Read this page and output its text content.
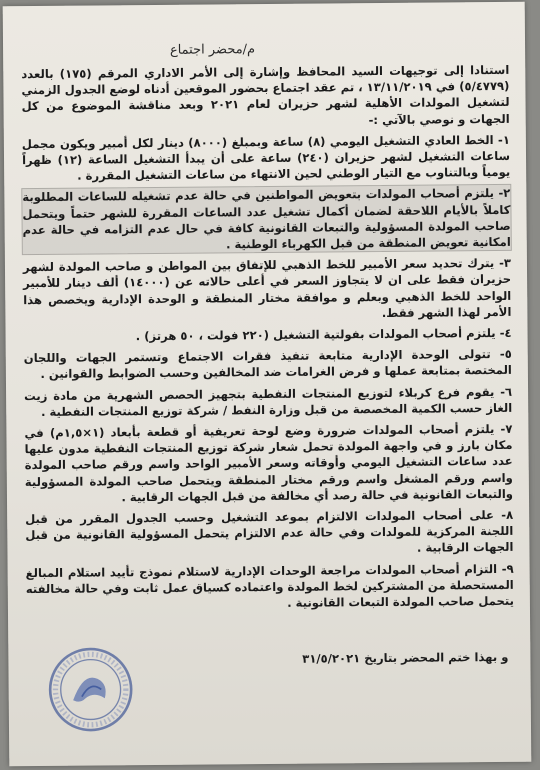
م/محضر اجتماع

استنادا إلى توجيهات السيد المحافظ وإشارة إلى الأمر الاداري المرقم (١٧٥) بالعدد (٥/٤٧٧٩) في ١٣/١١/٢٠١٩ ، تم عقد اجتماع بحضور الموقعين أدناه لوضع الجدول الزمني لتشغيل المولدات الأهلية لشهر حزيران لعام ٢٠٢١ وبعد مناقشة الموضوع من كل الجهات و نوصي بالآتي :-

١- الخط العادي التشغيل اليومي (٨) ساعة وبمبلغ (٨٠٠٠) دينار لكل أمبير ويكون مجمل ساعات التشغيل لشهر حزيران (٢٤٠) ساعة على أن يبدأ التشغيل الساعة (١٢) ظهراً يومياً وبالتناوب مع التيار الوطني لحين الانتهاء من ساعات التشغيل المقررة .

٢- يلتزم أصحاب المولدات بتعويض المواطنين في حالة عدم تشغيله للساعات المطلوبة كاملاً بالأيام اللاحقة لضمان أكمال تشغيل عدد الساعات المقررة للشهر حتماً ويتحمل صاحب المولدة المسؤولية والتبعات القانونية كافة في حال عدم التزامه في حالة عدم امكانية تعويض المنطقة من قبل الكهرباء الوطنية .

٣- يترك تحديد سعر الأمبير للخط الذهبي للإتفاق بين المواطن و صاحب المولدة لشهر حزيران فقط على ان لا يتجاوز السعر في أعلى حالاته عن (١٤٠٠٠) ألف دينار للأمبير الواحد للخط الذهبي وبعلم و موافقة مختار المنطقة و الوحدة الإدارية ويخصص هذا الأمر لهذا الشهر فقط.

٤- يلتزم أصحاب المولدات بفولتية التشغيل (٢٢٠ فولت ، ٥٠ هرتز) .

٥- تتولى الوحدة الإدارية متابعة تنفيذ فقرات الاجتماع وتستمر الجهات واللجان المختصة بمتابعة عملها و فرض الغرامات ضد المخالفين وحسب الضوابط والقوانين .

٦- يقوم فرع كربلاء لتوزيع المنتجات النفطية بتجهيز الحصص الشهرية من مادة زيت الغاز حسب الكمية المخصصة من قبل وزارة النفط / شركة توزيع المنتجات النفطية .

٧- يلتزم أصحاب المولدات ضرورة وضع لوحة تعريفية أو قطعة بأبعاد (١×١,٥م) في مكان بارز و في واجهة المولدة تحمل شعار شركة توزيع المنتجات النفطية مدون عليها عدد ساعات التشغيل اليومي وأوقاته وسعر الأمبير الواحد واسم ورقم صاحب المولدة واسم ورقم المشغل واسم ورقم مختار المنطقة ويتحمل صاحب المولدة المسؤولية والتبعات القانونية في حالة رصد أي مخالفة من قبل الجهات الرقابية .

٨- على أصحاب المولدات الالتزام بموعد التشغيل وحسب الجدول المقرر من قبل اللجنة المركزية للمولدات وفي حالة عدم الالتزام يتحمل المسؤولية القانونية من قبل الجهات الرقابية .

٩- التزام أصحاب المولدات مراجعة الوحدات الإدارية لاستلام نموذج تأييد استلام المبالغ المستحصلة من المشتركين لخط المولدة واعتماده كسياق عمل ثابت وفي حالة مخالفته يتحمل صاحب المولدة التبعات القانونية .

و بهذا ختم المحضر بتاريخ ٣١/٥/٢٠٢١
